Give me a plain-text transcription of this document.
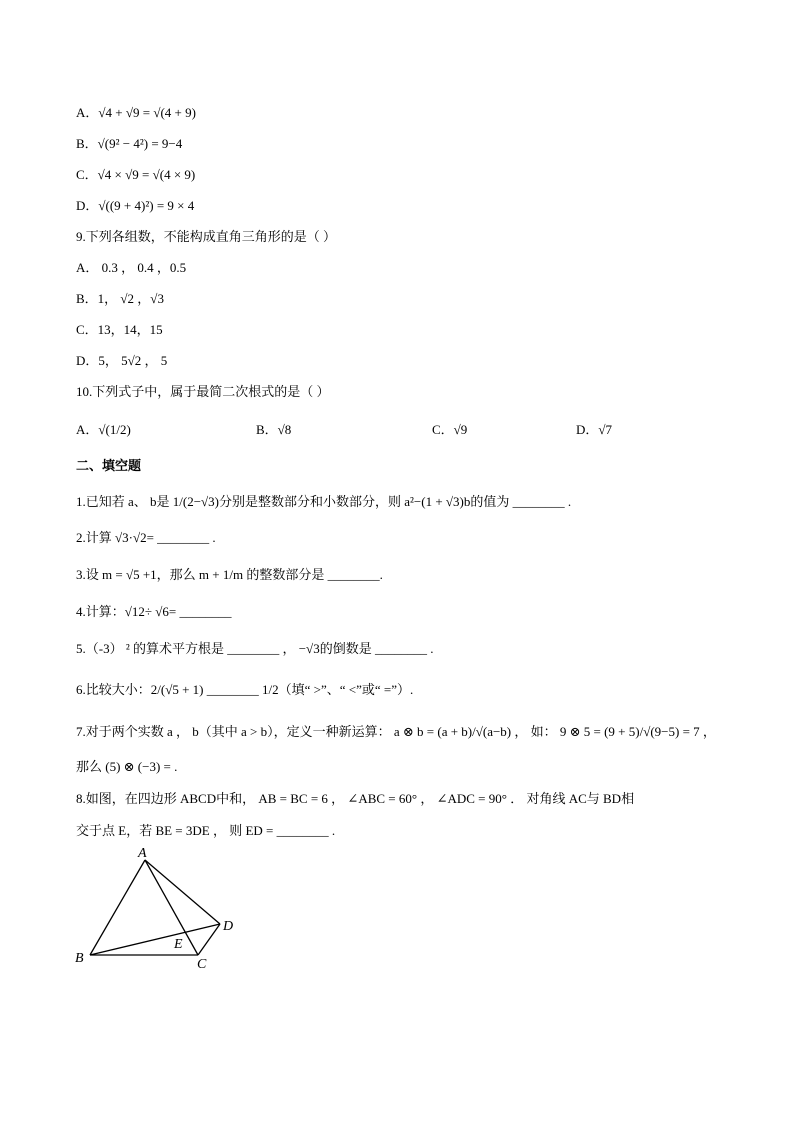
A．√4 + √9 = √(4 + 9)
B．√(9² − 4²) = 9−4
C．√4 × √9 = √(4 × 9)
D．√((9 + 4)²) = 9 × 4
9.下列各组数，不能构成直角三角形的是（ ）
A． 0.3 ， 0.4 ，0.5
B．1， √2 ，√3
C．13，14，15
D．5， 5√2 ， 5
10.下列式子中，属于最简二次根式的是（ ）
A．√(1/2)	B．√8	C．√9	D．√7
二、填空题
1.已知若 a、 b是 1/(2−√3)分别是整数部分和小数部分，则 a²−(1 + √3)b的值为 ________ .
2.计算 √3·√2= ________ .
3.设 m = √5 +1，那么 m + 1/m 的整数部分是 ________.
4.计算：√12÷ √6= ________
5.（-3） ² 的算术平方根是 ________ ， −√3的倒数是 ________ .
6.比较大小：2/(√5 + 1) ________ 1/2（填“ >”、“ <”或“ =”）.
7.对于两个实数 a ， b（其中 a > b），定义一种新运算： a ⊗ b = (a + b)/√(a−b) ， 如： 9 ⊗ 5 = (9 + 5)/√(9−5) = 7 ，
那么 (5) ⊗ (−3) = .
8.如图，在四边形 ABCD中和， AB = BC = 6 ， ∠ABC = 60° ， ∠ADC = 90° ． 对角线 AC与 BD相
交于点 E，若 BE = 3DE ， 则 ED = ________ .
A
B	C
D
E
